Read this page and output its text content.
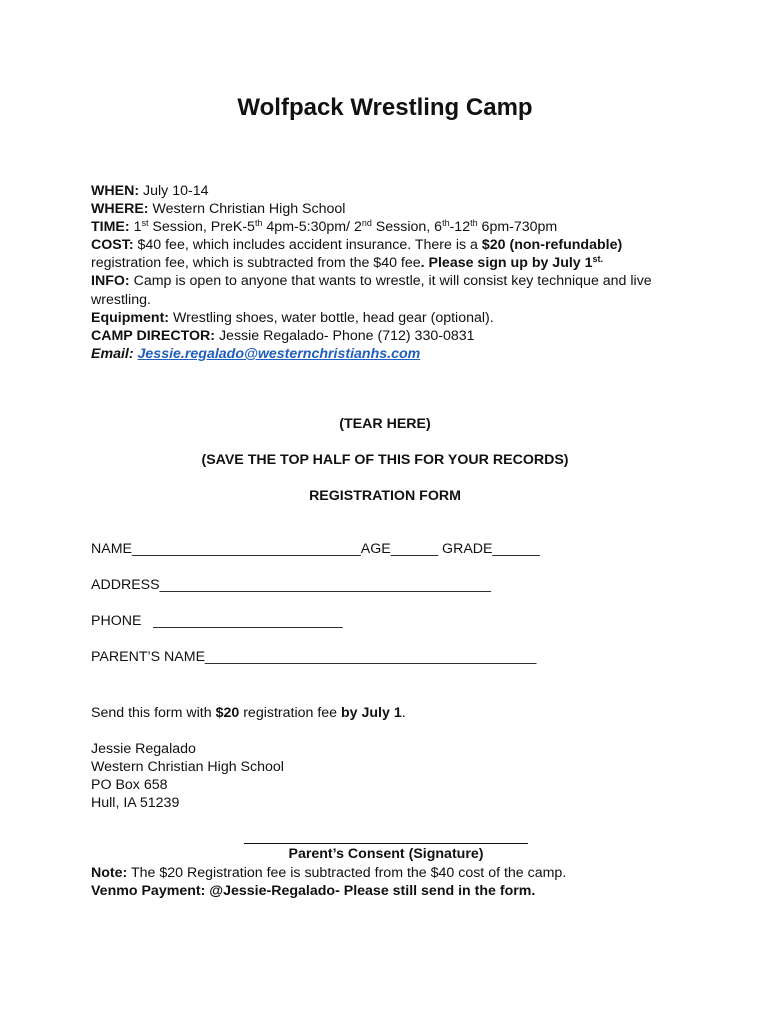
Wolfpack Wrestling Camp

WHEN: July 10-14

WHERE: Western Christian High School

TIME: 1st Session, PreK-5th 4pm-5:30pm/ 2nd Session, 6th-12th 6pm-730pm

COST: $40 fee, which includes accident insurance. There is a $20 (non-refundable) registration fee, which is subtracted from the $40 fee. Please sign up by July $1^{st.}$

INFO: Camp is open to anyone that wants to wrestle, it will consist key technique and live wrestling.

Equipment: Wrestling shoes, water bottle, head gear (optional).

CAMP DIRECTOR: Jessie Regalado- Phone (712) 330-0831

Email: Jessie.regalado@westernchristianhs.com

(TEAR HERE)

(SAVE THE TOP HALF OF THIS FOR YOUR RECORDS)

REGISTRATION FORM

NAME_____________________________AGE______ GRADE______

ADDRESS__________________________________________

PHONE   ________________________

PARENT’S NAME__________________________________________

Send this form with $20 registration fee by July 1.

Jessie Regalado
Western Christian High School
PO Box 658
Hull, IA 51239

Parent’s Consent (Signature)

Note: The $20 Registration fee is subtracted from the $40 cost of the camp.

Venmo Payment: @Jessie-Regalado- Please still send in the form.
